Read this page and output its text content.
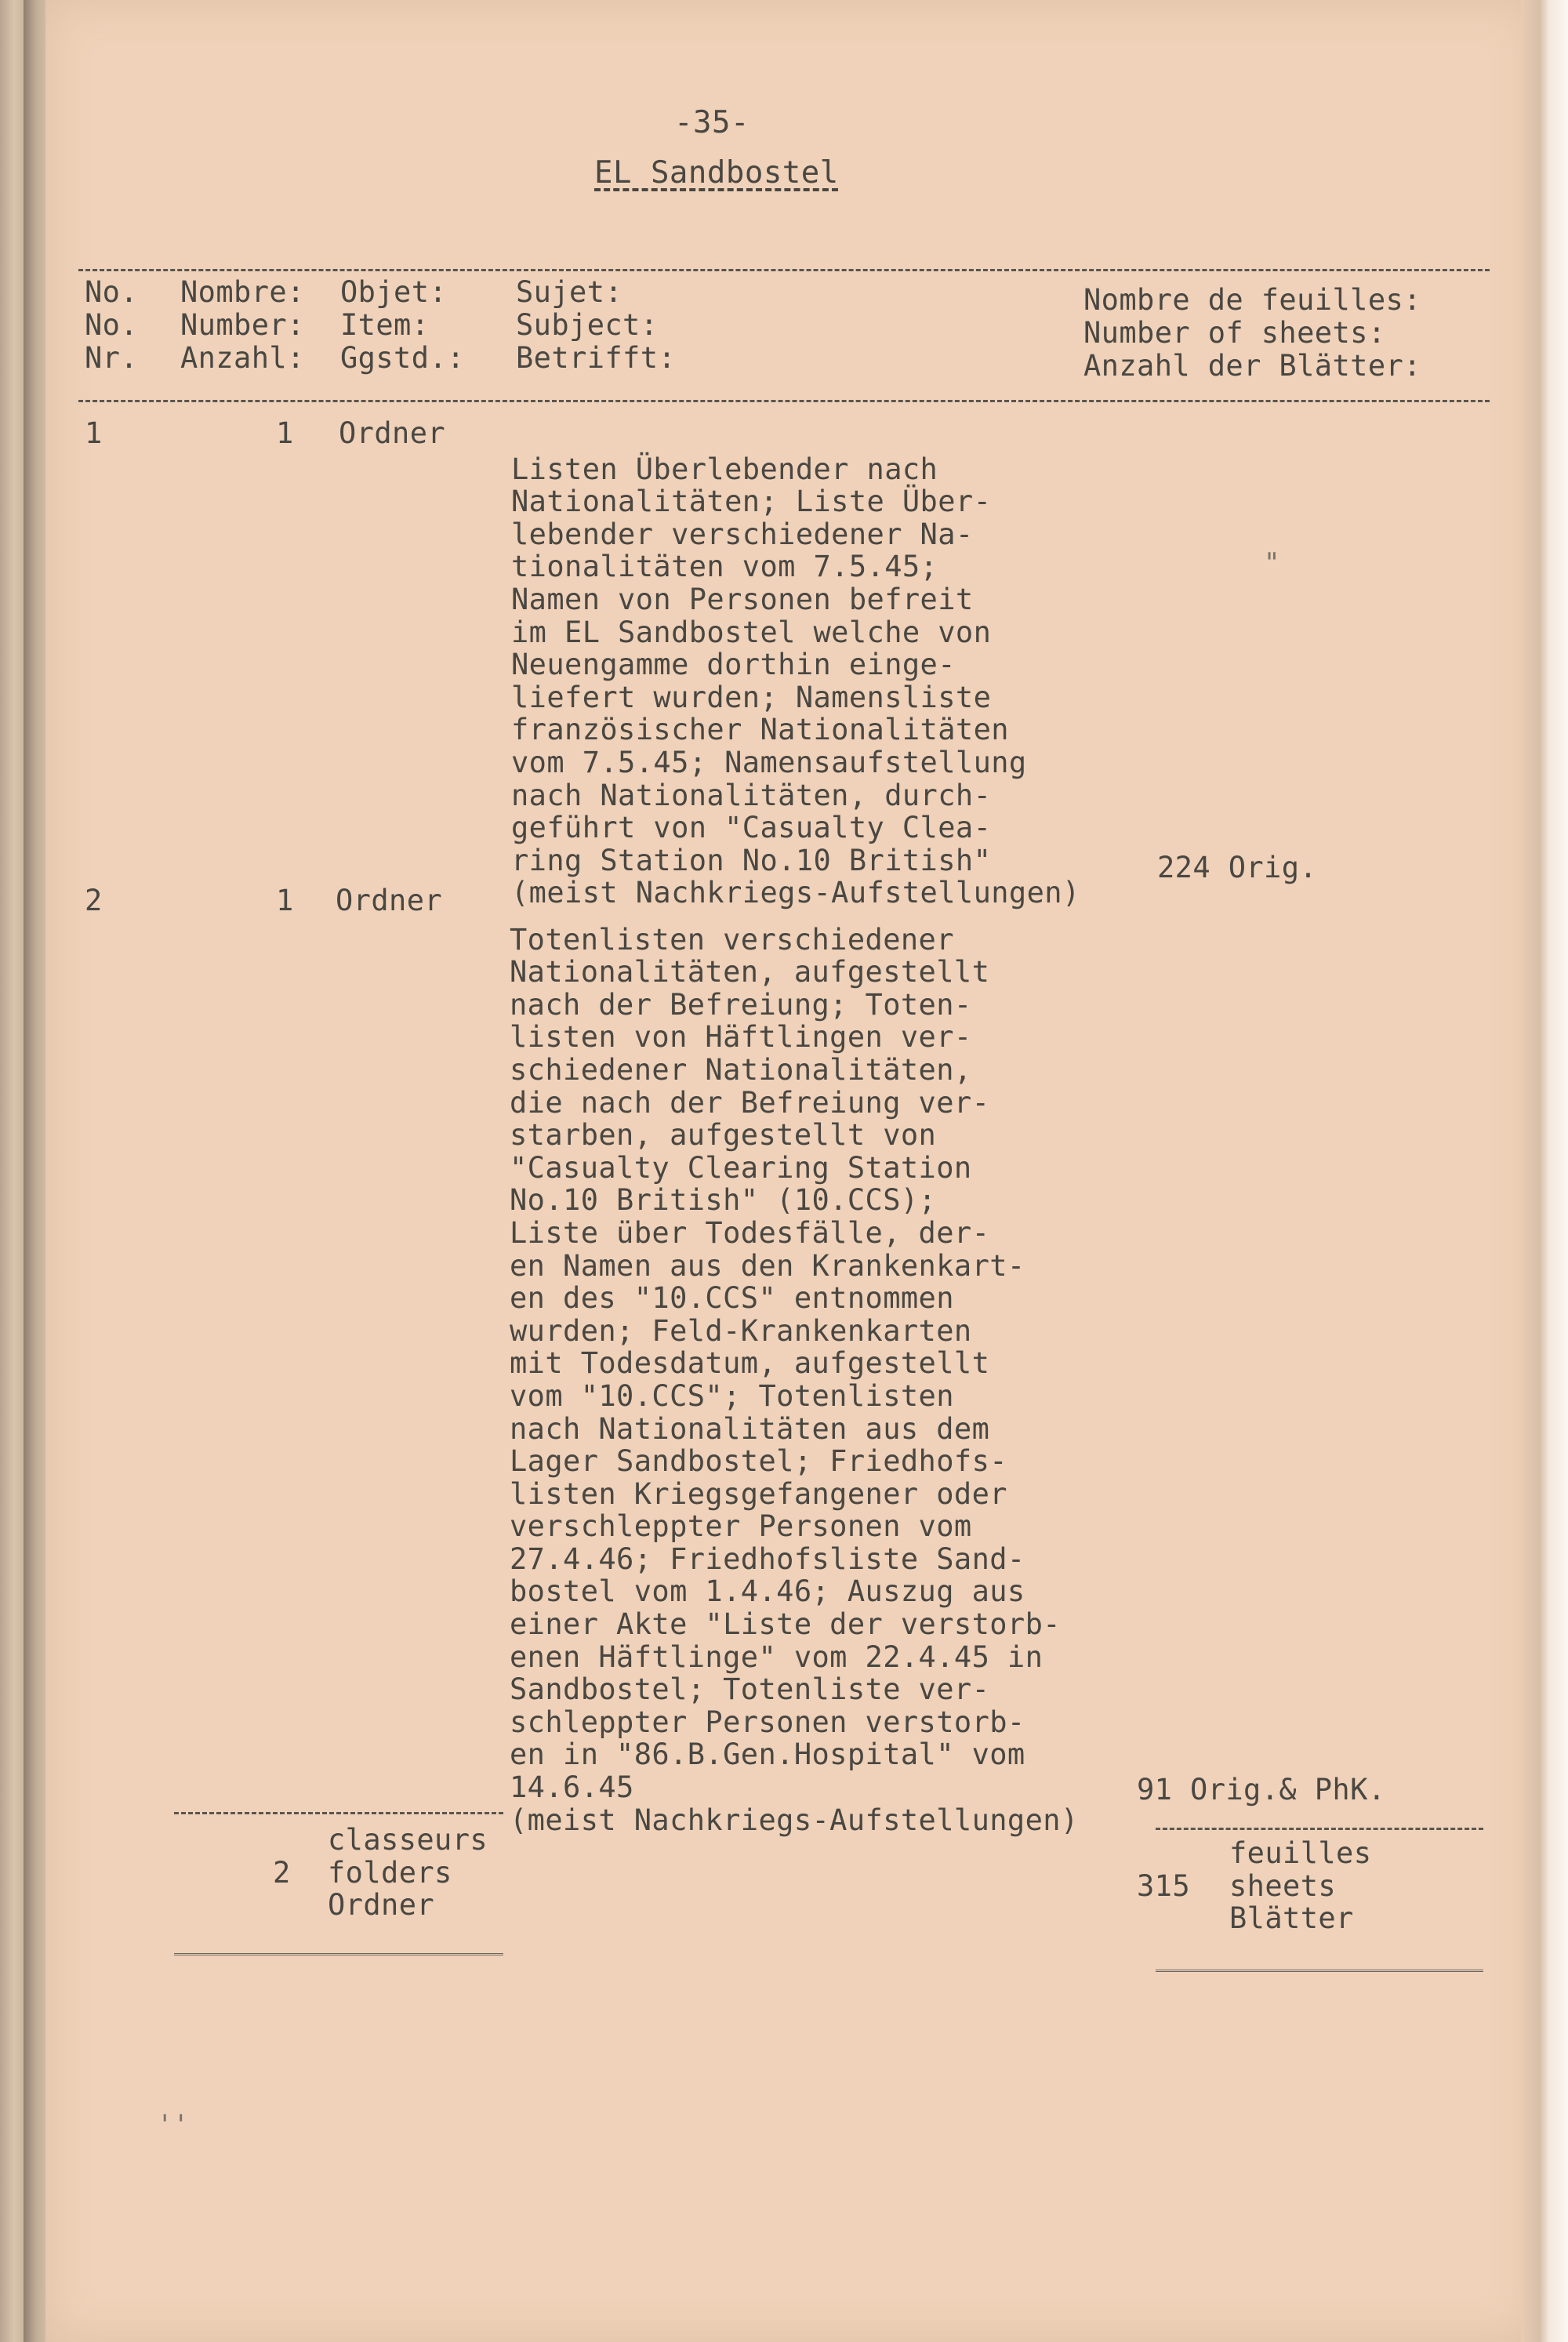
-35-
EL Sandbostel
No.
No.
Nr.
Nombre:
Number:
Anzahl:
Objet:
Item:
Ggstd.:
Sujet:
Subject:
Betrifft:
Nombre de feuilles:
Number of sheets:
Anzahl der Blätter:
1	1 Ordner

Listen Überlebender nach
Nationalitäten; Liste Über-
lebender verschiedener Na-
tionalitäten vom 7.5.45;
Namen von Personen befreit
im EL Sandbostel welche von
Neuengamme dorthin einge-
liefert wurden; Namensliste
französischer Nationalitäten
vom 7.5.45; Namensaufstellung
nach Nationalitäten, durch-
geführt von "Casualty Clea-
ring Station No.10 British"
(meist Nachkriegs-Aufstellungen)
224 Orig.
2	1 Ordner

Totenlisten verschiedener
Nationalitäten, aufgestellt
nach der Befreiung; Toten-
listen von Häftlingen ver-
schiedener Nationalitäten,
die nach der Befreiung ver-
starben, aufgestellt von
"Casualty Clearing Station
No.10 British" (10.CCS);
Liste über Todesfälle, der-
en Namen aus den Krankenkart-
en des "10.CCS" entnommen
wurden; Feld-Krankenkarten
mit Todesdatum, aufgestellt
vom "10.CCS"; Totenlisten
nach Nationalitäten aus dem
Lager Sandbostel; Friedhofs-
listen Kriegsgefangener oder
verschleppter Personen vom
27.4.46; Friedhofsliste Sand-
bostel vom 1.4.46; Auszug aus
einer Akte "Liste der verstorb-
enen Häftlinge" vom 22.4.45 in
Sandbostel; Totenliste ver-
schleppter Personen verstorb-
en in "86.B.Gen.Hospital" vom
14.6.45
(meist Nachkriegs-Aufstellungen)
91 Orig.& PhK.
2
classeurs
folders
Ordner
315
feuilles
sheets
Blätter
"
''
